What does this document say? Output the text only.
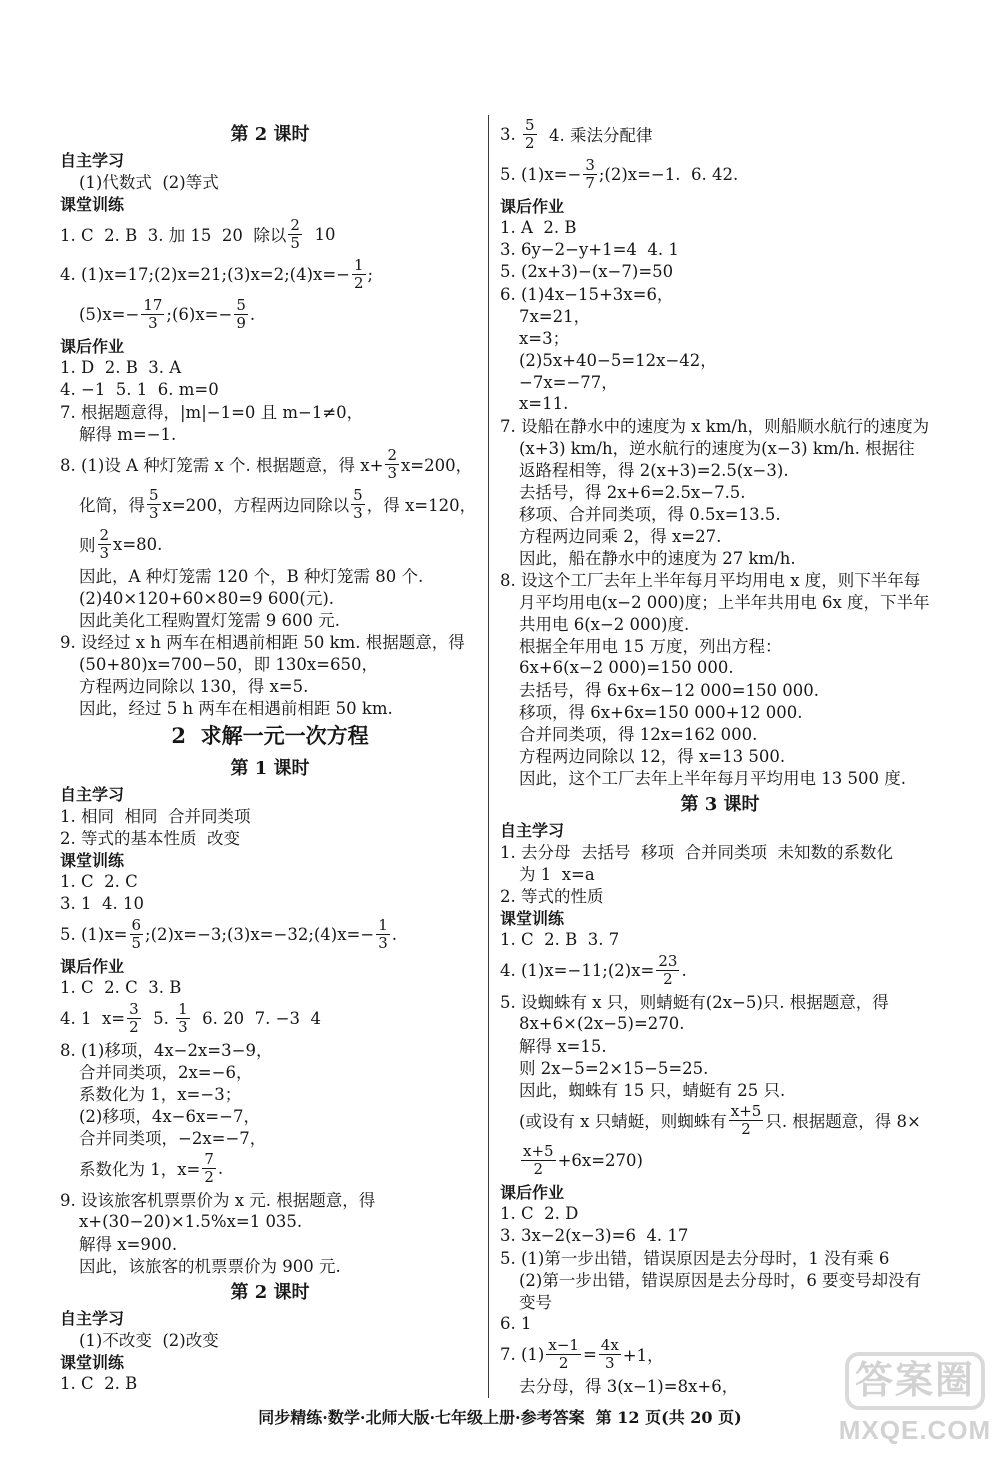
第 2 课时
自主学习
(1)代数式  (2)等式
课堂训练
1. C  2. B  3. 加 15  20  除以 $\frac{2}{5} 10$
4. (1)x=17;(2)x=21;(3)x=2;(4)x=− $\frac{1}{2}$ ;
$(5)x=- \frac{17}{3}$ ;(6)x=− $\frac{5}{9}$ .
课后作业
1. D  2. B  3. A
4. −1  5. 1  6. m=0
7. 根据题意得，|m|−1=0 且 m−1≠0，
解得 m=−1.
8. (1)设 A 种灯笼需 x 个. 根据题意，得 $x+ \frac{2}{3} x=200$，
化简，得 $\frac{5}{3} x=200$，方程两边同除以 $\frac{5}{3}$ ，得 x=120，
则 $\frac{2}{3} x=80$.
因此，A 种灯笼需 120 个，B 种灯笼需 80 个.
(2)40×120+60×80=9 600(元).
因此美化工程购置灯笼需 9 600 元.
9. 设经过 x h 两车在相遇前相距 50 km. 根据题意，得
(50+80)x=700−50，即 130x=650，
方程两边同除以 130，得 x=5.
因此，经过 5 h 两车在相遇前相距 50 km.
2  求解一元一次方程
第 1 课时
自主学习
1. 相同  相同  合并同类项
2. 等式的基本性质  改变
课堂训练
1. C  2. C
3. 1  4. 10
5. $(1)x= \frac{6}{5}$ ;(2)x=−3;(3)x=−32;(4)x=− $\frac{1}{3}$ .
课后作业
1. C  2. C  3. B
4. 1  $x= \frac{3}{2} 5$. $\frac{1}{3} 6$. 20  7. −3  4
8. (1)移项，4x−2x=3−9，
合并同类项，2x=−6，
系数化为 1，x=−3；
(2)移项，4x−6x=−7，
合并同类项，−2x=−7，
系数化为 1，$x= \frac{7}{2}$ .
9. 设该旅客机票票价为 x 元. 根据题意，得
x+(30−20)×1.5%x=1 035.
解得 x=900.
因此，该旅客的机票票价为 900 元.
第 2 课时
自主学习
(1)不改变  (2)改变
课堂训练
1. C  2. B
3. $\frac{5}{2} 4$. 乘法分配律
5. $(1)x=- \frac{3}{7}$ ;(2)x=−1.  6. 42.
课后作业
1. A  2. B
3. 6y−2−y+1=4  4. 1
5. (2x+3)−(x−7)=50
6. (1)4x−15+3x=6，
7x=21，
x=3；
(2)5x+40−5=12x−42，
−7x=−77，
x=11.
7. 设船在静水中的速度为 x km/h，则船顺水航行的速度为
(x+3) km/h，逆水航行的速度为(x−3) km/h. 根据往
返路程相等，得 2(x+3)=2.5(x−3).
去括号，得 2x+6=2.5x−7.5.
移项、合并同类项，得 0.5x=13.5.
方程两边同乘 2，得 x=27.
因此，船在静水中的速度为 27 km/h.
8. 设这个工厂去年上半年每月平均用电 x 度，则下半年每
月平均用电(x−2 000)度；上半年共用电 6x 度，下半年
共用电 6(x−2 000)度.
根据全年用电 15 万度，列出方程：
6x+6(x−2 000)=150 000.
去括号，得 6x+6x−12 000=150 000.
移项，得 6x+6x=150 000+12 000.
合并同类项，得 12x=162 000.
方程两边同除以 12，得 x=13 500.
因此，这个工厂去年上半年每月平均用电 13 500 度.
第 3 课时
自主学习
1. 去分母  去括号  移项  合并同类项  未知数的系数化
为 1  x=a
2. 等式的性质
课堂训练
1. C  2. B  3. 7
4. (1)x=−11;(2)x= $\frac{23}{2}$ .
5. 设蜘蛛有 x 只，则蜻蜓有(2x−5)只. 根据题意，得
8x+6×(2x−5)=270.
解得 x=15.
则 2x−5=2×15−5=25.
因此，蜘蛛有 15 只，蜻蜓有 25 只.
(或设有 x 只蜻蜓，则蜘蛛有 $\frac{x+5}{2}$ 只. 根据题意，得 8×
$\frac{x+5}{2} +6x=270$)
课后作业
1. C  2. D
3. 3x−2(x−3)=6  4. 17
5. (1)第一步出错，错误原因是去分母时，1 没有乘 6
(2)第一步出错，错误原因是去分母时，6 要变号却没有
变号
6. 1
7. $(1) \frac{x-1}{2} = \frac{4x}{3} +1$，
去分母，得 3(x−1)=8x+6，
同步精练·数学·北师大版·七年级上册·参考答案  第 12 页(共 20 页)
答案圈
MXQE.COM
